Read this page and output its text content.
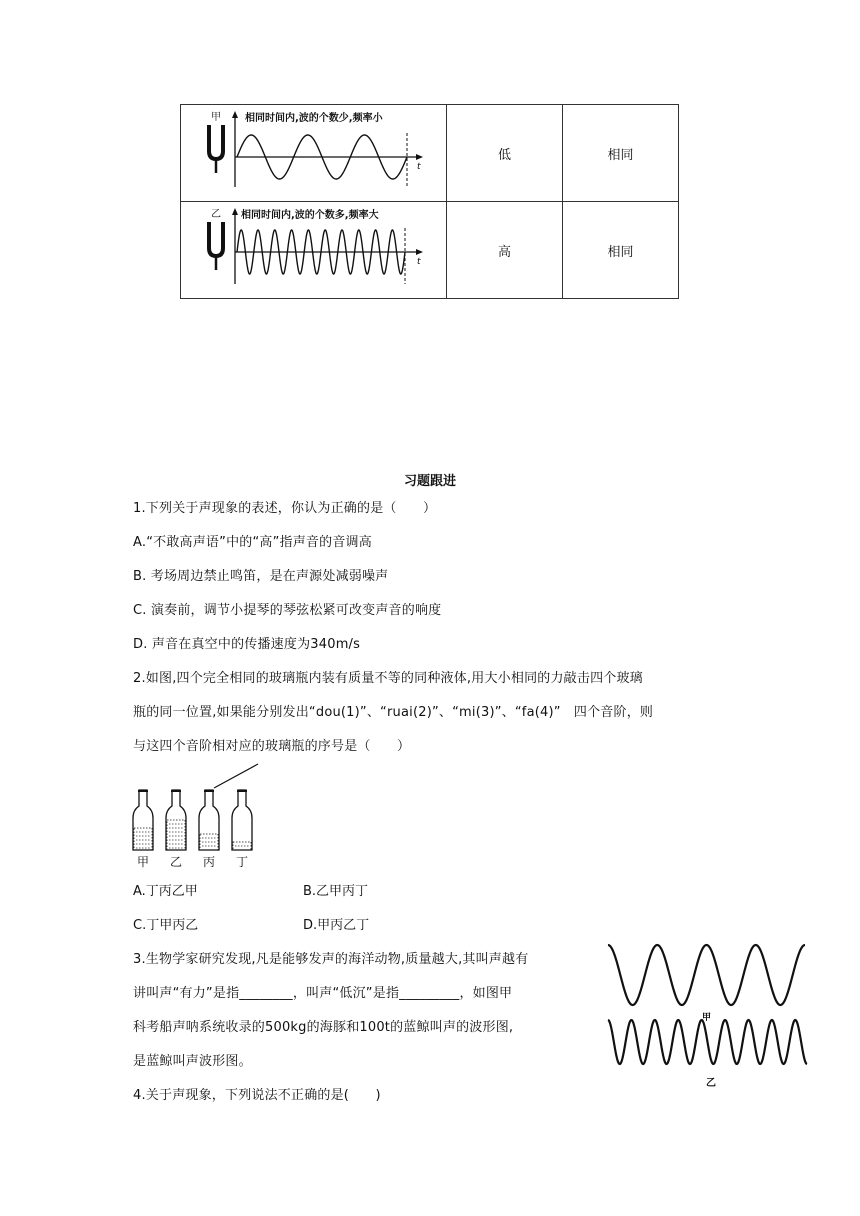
甲
t
相同时间内,波的个数少,频率小	低	相同

乙
t
相同时间内,波的个数多,频率大	高	相同
习题跟进
1.下列关于声现象的表述，你认为正确的是（　　）
A.“不敢高声语”中的“高”指声音的音调高
B. 考场周边禁止鸣笛，是在声源处减弱噪声
C. 演奏前，调节小提琴的琴弦松紧可改变声音的响度
D. 声音在真空中的传播速度为340m/s
2.如图,四个完全相同的玻璃瓶内装有质量不等的同种液体,用大小相同的力敲击四个玻璃
瓶的同一位置,如果能分别发出“dou(1)”、“ruai(2)”、“mi(3)”、“fa(4)”　四个音阶，则
与这四个音阶相对应的玻璃瓶的序号是（　　）
甲 乙 丙 丁
A.丁丙乙甲	B.乙甲丙丁
C.丁甲丙乙	D.甲丙乙丁
3.生物学家研究发现,凡是能够发声的海洋动物,质量越大,其叫声越有
讲叫声“有力”是指________，叫声“低沉”是指_________，如图甲
科考船声呐系统收录的500kg的海豚和100t的蓝鲸叫声的波形图,
是蓝鲸叫声波形图。
甲
乙
4.关于声现象，下列说法不正确的是(　　)
